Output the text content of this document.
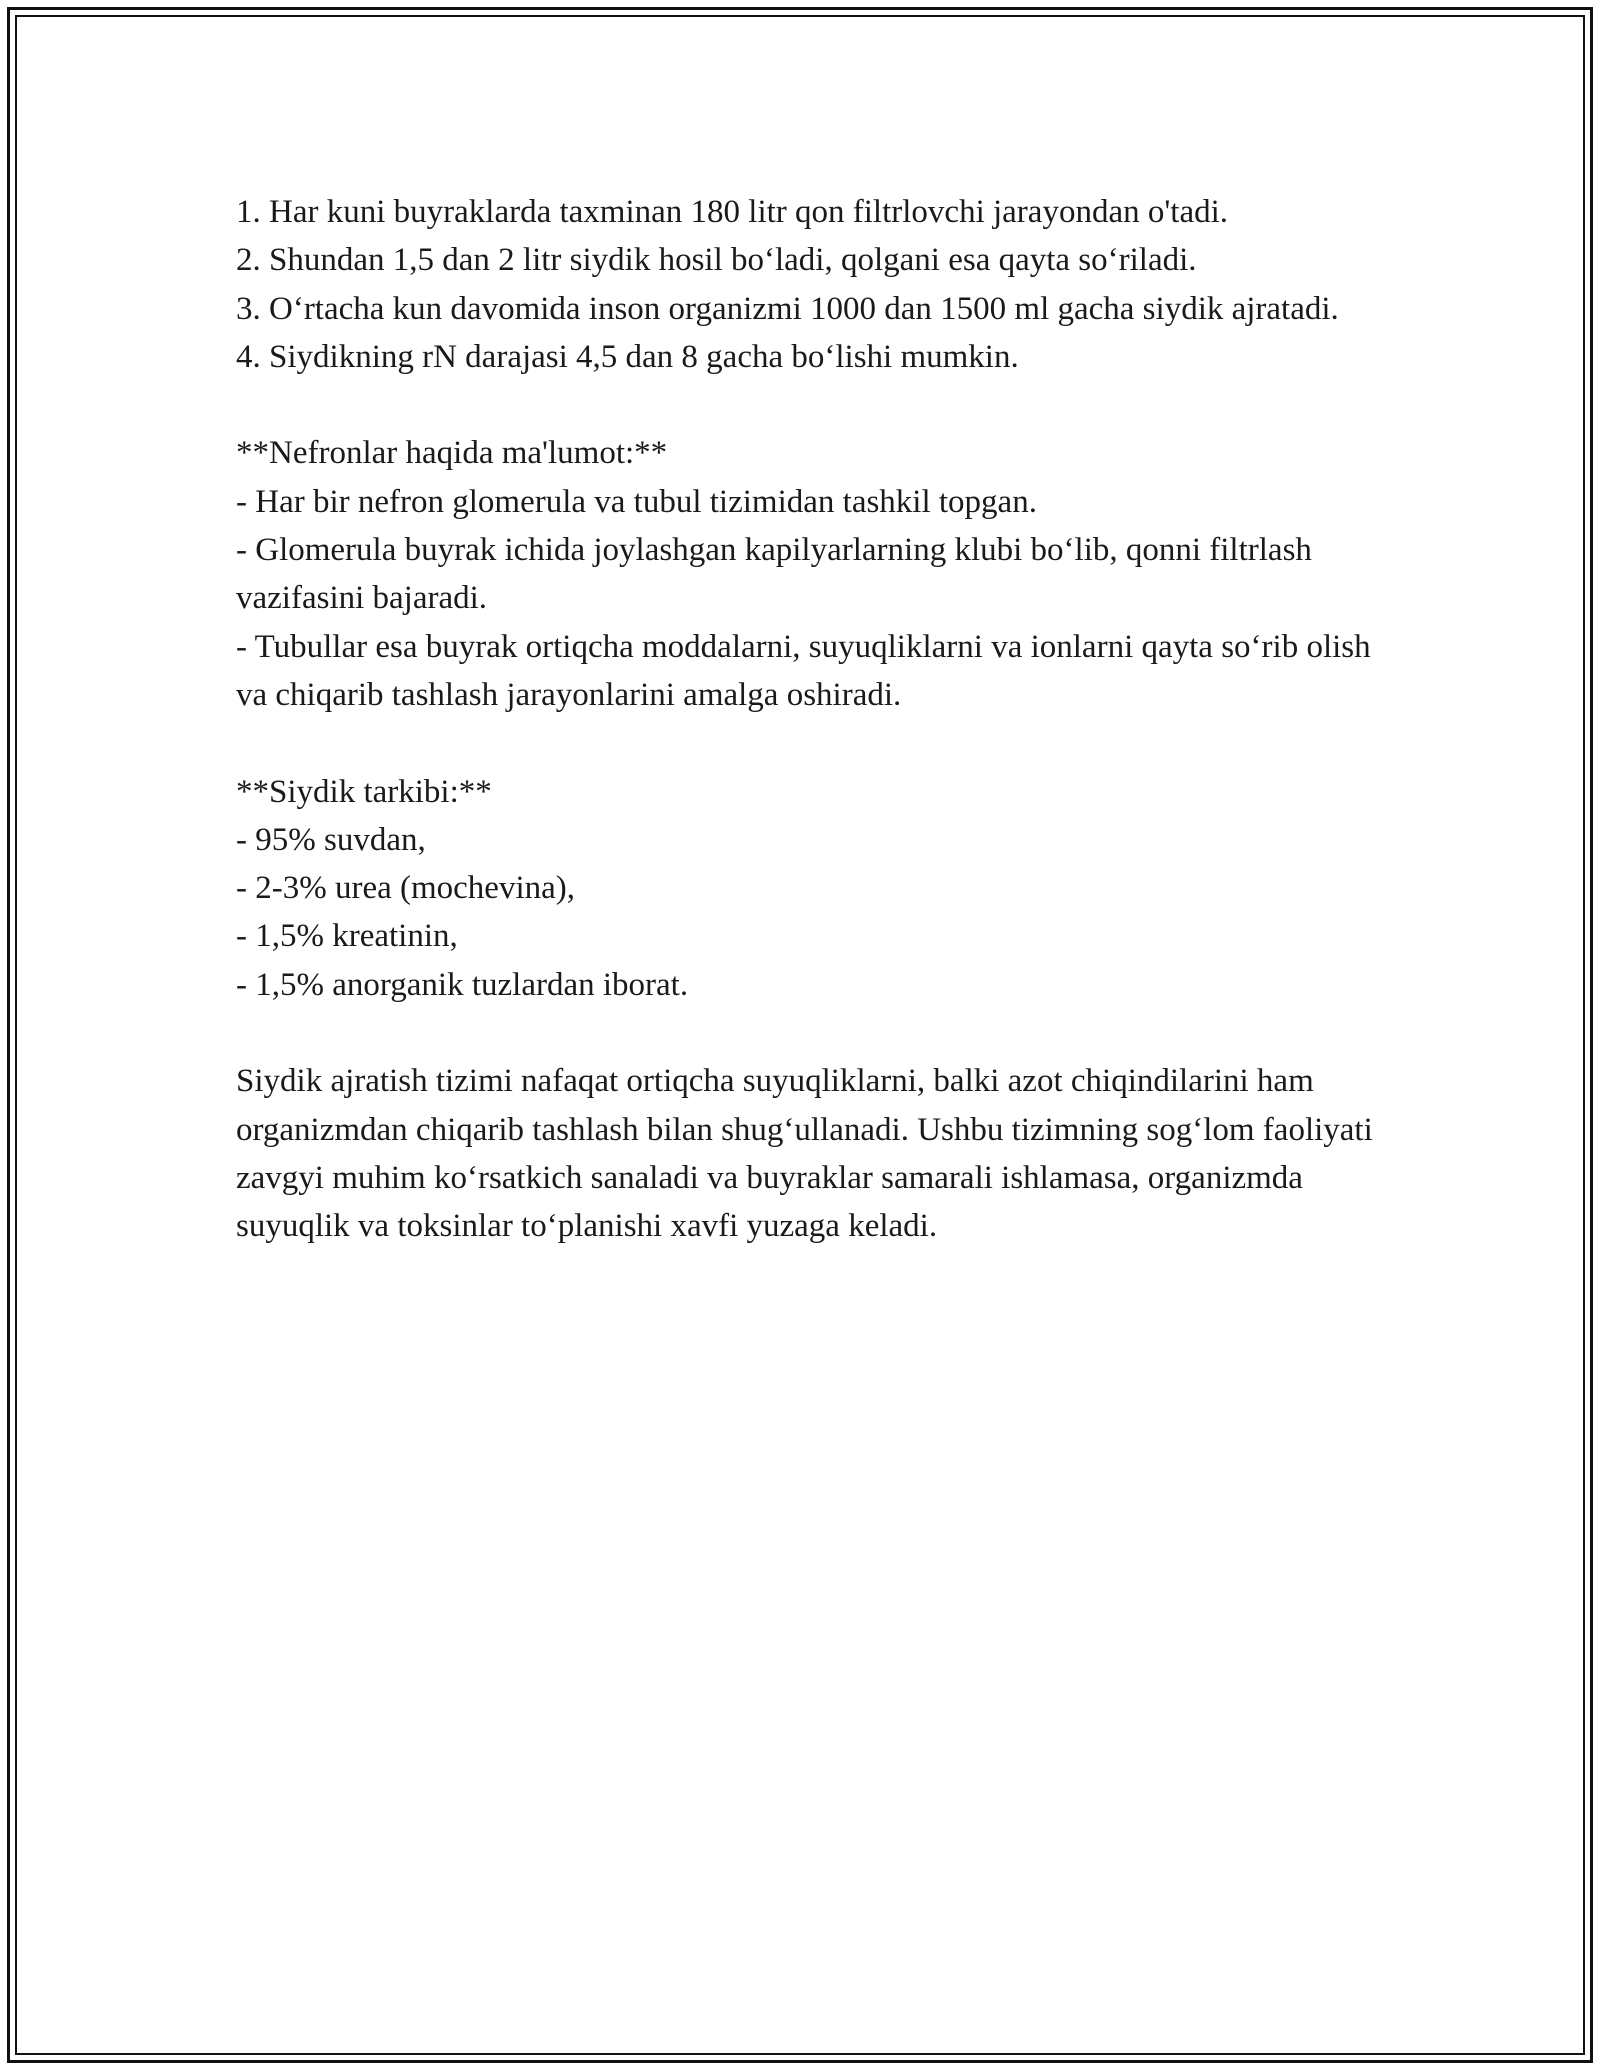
1. Har kuni buyraklarda taxminan 180 litr qon filtrlovchi jarayondan o'tadi.
2. Shundan 1,5 dan 2 litr siydik hosil bo‘ladi, qolgani esa qayta so‘riladi.
3. O‘rtacha kun davomida inson organizmi 1000 dan 1500 ml gacha siydik ajratadi.
4. Siydikning rN darajasi 4,5 dan 8 gacha bo‘lishi mumkin.
**Nefronlar haqida ma'lumot:**
- Har bir nefron glomerula va tubul tizimidan tashkil topgan.
- Glomerula buyrak ichida joylashgan kapilyarlarning klubi bo‘lib, qonni filtrlash vazifasini bajaradi.
- Tubullar esa buyrak ortiqcha moddalarni, suyuqliklarni va ionlarni qayta so‘rib olish va chiqarib tashlash jarayonlarini amalga oshiradi.
**Siydik tarkibi:**
- 95% suvdan,
- 2-3% urea (mochevina),
- 1,5% kreatinin,
- 1,5% anorganik tuzlardan iborat.
Siydik ajratish tizimi nafaqat ortiqcha suyuqliklarni, balki azot chiqindilarini ham organizmdan chiqarib tashlash bilan shug‘ullanadi. Ushbu tizimning sog‘lom faoliyati zavgyi muhim ko‘rsatkich sanaladi va buyraklar samarali ishlamasa, organizmda suyuqlik va toksinlar to‘planishi xavfi yuzaga keladi.
